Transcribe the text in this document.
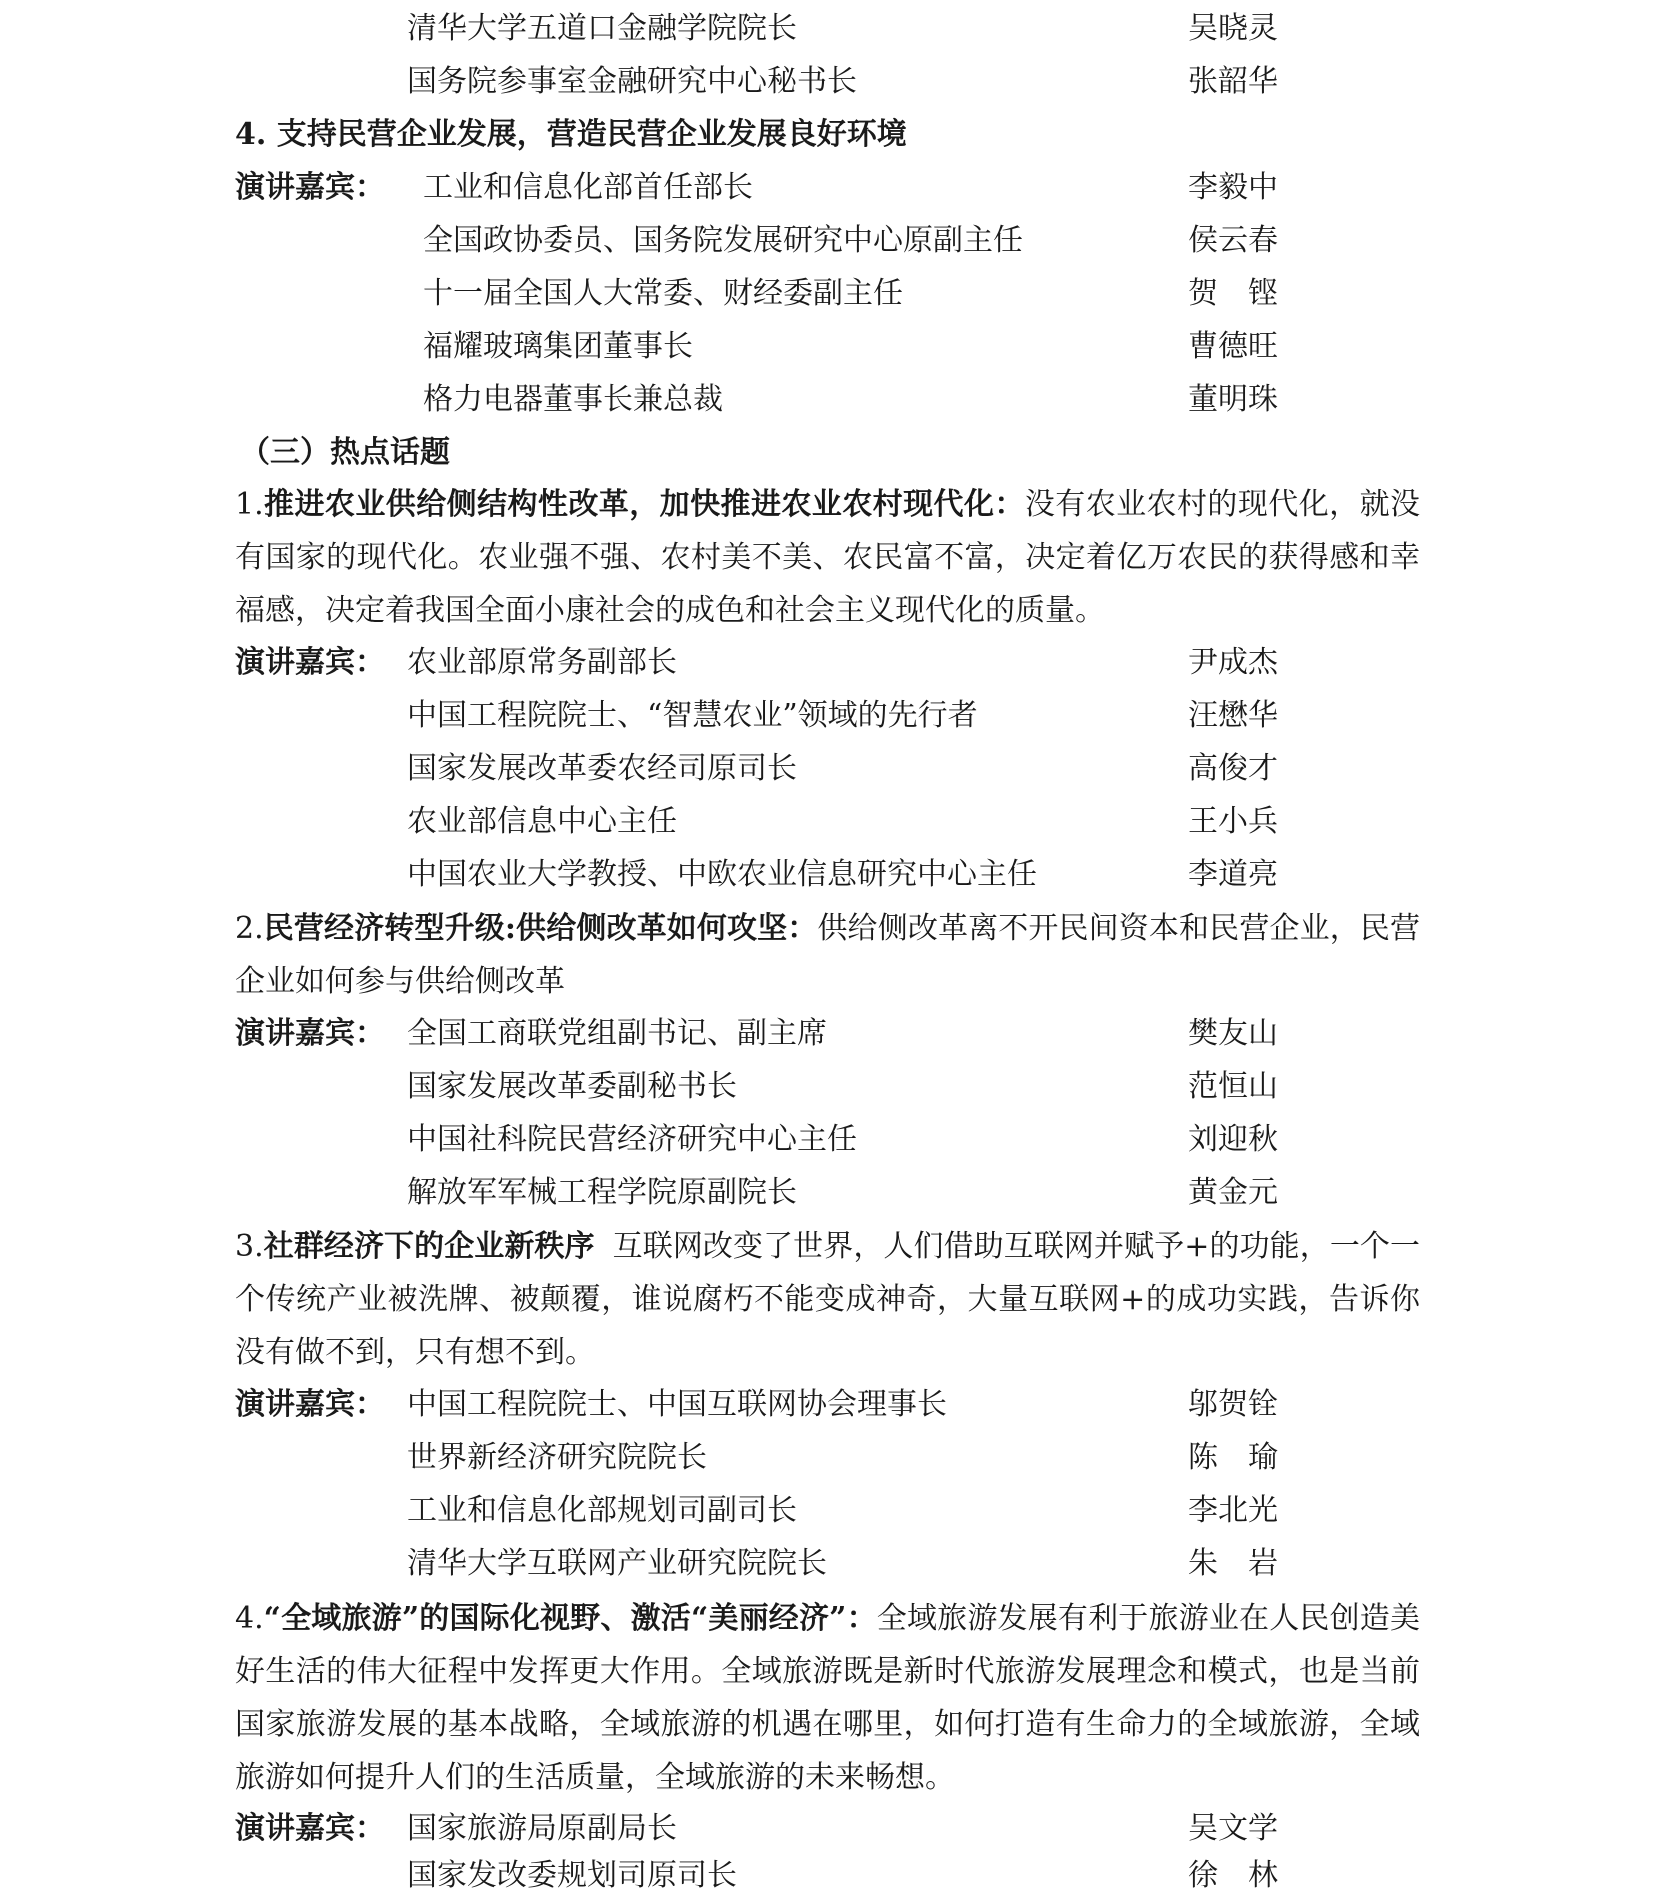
清华大学五道口金融学院院长	吴晓灵
国务院参事室金融研究中心秘书长	张韶华
4. 支持民营企业发展，营造民营企业发展良好环境
演讲嘉宾： 工业和信息化部首任部长	李毅中
全国政协委员、国务院发展研究中心原副主任	侯云春
十一届全国人大常委、财经委副主任	贺　铿
福耀玻璃集团董事长	曹德旺
格力电器董事长兼总裁	董明珠
（三）热点话题
1.推进农业供给侧结构性改革，加快推进农业农村现代化：没有农业农村的现代化，就没有国家的现代化。农业强不强、农村美不美、农民富不富，决定着亿万农民的获得感和幸福感，决定着我国全面小康社会的成色和社会主义现代化的质量。
演讲嘉宾： 农业部原常务副部长	尹成杰
中国工程院院士、“智慧农业”领域的先行者	汪懋华
国家发展改革委农经司原司长	高俊才
农业部信息中心主任	王小兵
中国农业大学教授、中欧农业信息研究中心主任	李道亮
2.民营经济转型升级:供给侧改革如何攻坚：供给侧改革离不开民间资本和民营企业，民营企业如何参与供给侧改革
演讲嘉宾： 全国工商联党组副书记、副主席	樊友山
国家发展改革委副秘书长	范恒山
中国社科院民营经济研究中心主任	刘迎秋
解放军军械工程学院原副院长	黄金元
3.社群经济下的企业新秩序 互联网改变了世界，人们借助互联网并赋予+的功能，一个一个传统产业被洗牌、被颠覆，谁说腐朽不能变成神奇，大量互联网+的成功实践，告诉你没有做不到，只有想不到。
演讲嘉宾： 中国工程院院士、中国互联网协会理事长	邬贺铨
世界新经济研究院院长	陈　瑜
工业和信息化部规划司副司长	李北光
清华大学互联网产业研究院院长	朱　岩
4.“全域旅游”的国际化视野、激活“美丽经济”：全域旅游发展有利于旅游业在人民创造美好生活的伟大征程中发挥更大作用。全域旅游既是新时代旅游发展理念和模式，也是当前国家旅游发展的基本战略，全域旅游的机遇在哪里，如何打造有生命力的全域旅游，全域旅游如何提升人们的生活质量，全域旅游的未来畅想。
演讲嘉宾： 国家旅游局原副局长	吴文学
国家发改委规划司原司长	徐　林
